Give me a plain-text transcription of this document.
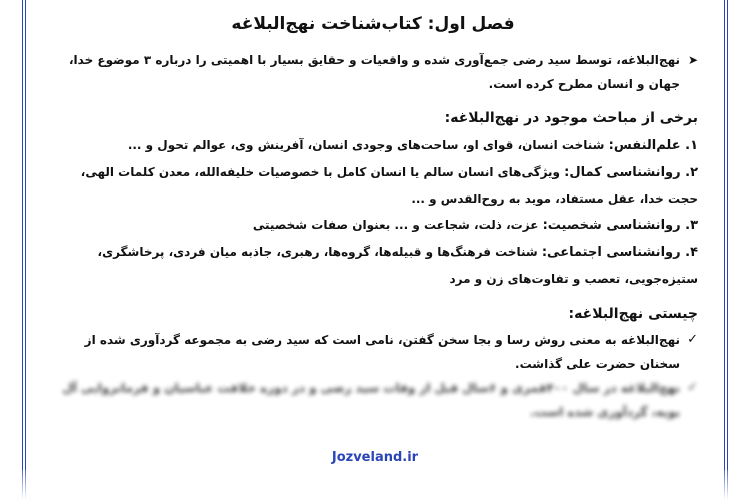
فصل اول: کتاب‌شناخت نهج‌البلاغه
➤
نهج‌البلاغه، توسط سید رضی جمع‌آوری شده و واقعیات و حقایق بسیار با اهمیتی را درباره ۳ موضوع خدا، جهان و انسان مطرح کرده است.
برخی از مباحث موجود در نهج‌البلاغه:
۱. علم‌النفس: شناخت انسان، قوای او، ساحت‌های وجودی انسان، آفرینش وی، عوالم تحول و ...
۲. روانشناسی کمال: ویژگی‌های انسان سالم یا انسان کامل با خصوصیات خلیفه‌الله، معدن کلمات الهی، حجت خدا، عقل مستفاد، موید به روح‌القدس و ...
۳. روانشناسی شخصیت: عزت، ذلت، شجاعت و ... بعنوان صفات شخصیتی
۴. روانشناسی اجتماعی: شناخت فرهنگ‌ها و قبیله‌ها، گروه‌ها، رهبری، جاذبه میان فردی، پرخاشگری، ستیزه‌جویی، تعصب و تفاوت‌های زن و مرد
چیستی نهج‌البلاغه:
✓
نهج‌البلاغه به معنی روش رسا و بجا سخن گفتن، نامی است که سید رضی به مجموعه گردآوری شده از سخنان حضرت علی گذاشت.
✓
نهج‌البلاغه در سال ۴۰۰قمری و ۶سال قبل از وفات سید رضی و در دوره خلافت عباسیان و فرمانروایی آل بویه، گردآوری شده است.
Jozveland.ir
